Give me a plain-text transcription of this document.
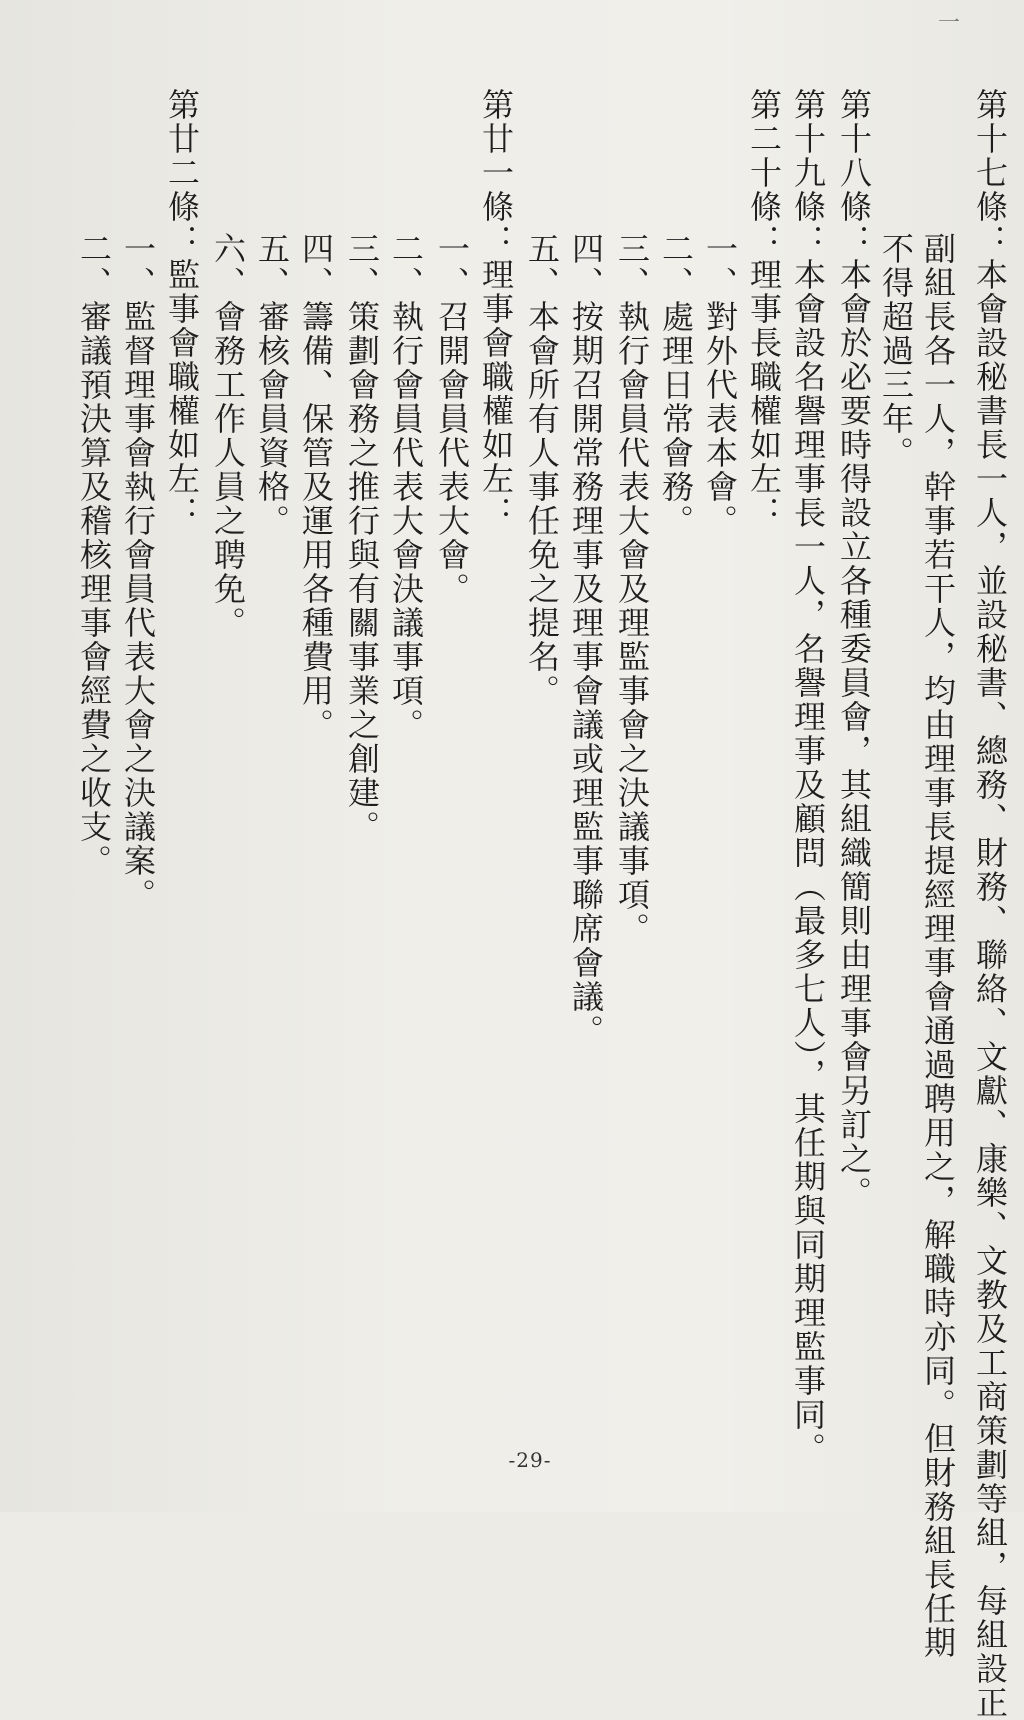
⼀
第十七條：本會設秘書長一人，並設秘書、總務、財務、聯絡、文獻、康樂、文教及工商策劃等組，每組設正
副組長各一人，幹事若干人，均由理事長提經理事會通過聘用之，解職時亦同。但財務組長任期
不得超過三年。
第十八條：本會於必要時得設立各種委員會，其組織簡則由理事會另訂之。
第十九條：本會設名譽理事長一人，名譽理事及顧問（最多七人），其任期與同期理監事同。
第二十條：理事長職權如左：
一、對外代表本會。
二、處理日常會務。
三、執行會員代表大會及理監事會之決議事項。
四、按期召開常務理事及理事會議或理監事聯席會議。
五、本會所有人事任免之提名。
第廿一條：理事會職權如左：
一、召開會員代表大會。
二、執行會員代表大會決議事項。
三、策劃會務之推行與有關事業之創建。
四、籌備、保管及運用各種費用。
五、審核會員資格。
六、會務工作人員之聘免。
第廿二條：監事會職權如左：
一、監督理事會執行會員代表大會之決議案。
二、審議預決算及稽核理事會經費之收支。
-29-
